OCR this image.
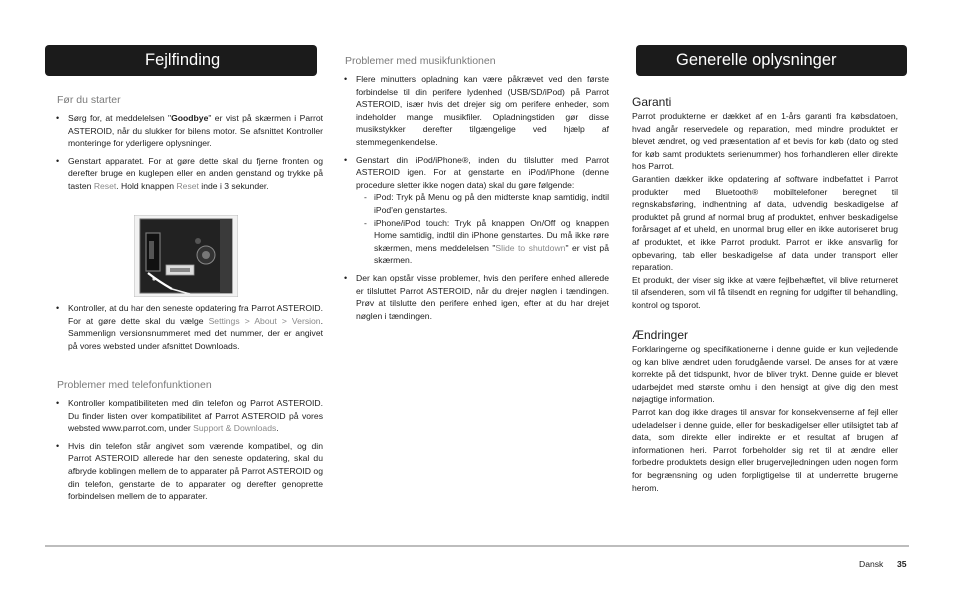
Fejlfinding	Generelle oplysninger
Før du starter
• Sørg for, at meddelelsen "Goodbye" er vist på skærmen i Parrot ASTEROID, når du slukker for bilens motor. Se afsnittet Kontroller monteringe for yderligere oplysninger.
• Genstart apparatet. For at gøre dette skal du fjerne fronten og derefter bruge en kuglepen eller en anden genstand og trykke på tasten Reset. Hold knappen Reset inde i 3 sekunder.
• Kontroller, at du har den seneste opdatering fra Parrot ASTEROID. For at gøre dette skal du vælge Settings > About > Version. Sammenlign versionsnummeret med det nummer, der er angivet på vores websted under afsnittet Downloads.
Problemer med telefonfunktionen
• Kontroller kompatibiliteten med din telefon og Parrot ASTEROID. Du finder listen over kompatibilitet af Parrot ASTEROID på vores websted www.parrot.com, under Support & Downloads.
• Hvis din telefon står angivet som værende kompatibel, og din Parrot ASTEROID allerede har den seneste opdatering, skal du afbryde koblingen mellem de to apparater på Parrot ASTEROID og din telefon, genstarte de to apparater og derefter genoprette forbindelsen mellem de to apparater.
Problemer med musikfunktionen
• Flere minutters opladning kan være påkrævet ved den første forbindelse til din perifere lydenhed (USB/SD/iPod) på Parrot ASTEROID, især hvis det drejer sig om perifere enheder, som indeholder mange musikfiler. Opladningstiden gør disse musikstykker derefter tilgængelige ved hjælp af stemmegenkendelse.
• Genstart din iPod/iPhone®, inden du tilslutter med Parrot ASTEROID igen. For at genstarte en iPod/iPhone (denne procedure sletter ikke nogen data) skal du gøre følgende:
- iPod: Tryk på Menu og på den midterste knap samtidig, indtil iPod'en genstartes.
- iPhone/iPod touch: Tryk på knappen On/Off og knappen Home samtidig, indtil din iPhone genstartes. Du må ikke røre skærmen, mens meddelelsen "Slide to shutdown" er vist på skærmen.
• Der kan opstår visse problemer, hvis den perifere enhed allerede er tilsluttet Parrot ASTEROID, når du drejer nøglen i tændingen. Prøv at tilslutte den perifere enhed igen, efter at du har drejet nøglen i tændingen.
Garanti

Parrot produkterne er dækket af en 1-års garanti fra købsdatoen, hvad angår reservedele og reparation, med mindre produktet er blevet ændret, og ved præsentation af et bevis for køb (dato og sted for køb samt produktets serienummer) hos forhandleren eller direkte hos Parrot.

Garantien dækker ikke opdatering af software indbefattet i Parrot produkter med Bluetooth® mobiltelefoner beregnet til regnskabsføring, indhentning af data, udvendig beskadigelse af produktet på grund af normal brug af produktet, enhver beskadigelse forårsaget af et uheld, en unormal brug eller en ikke autoriseret brug af produktet, et ikke Parrot produkt. Parrot er ikke ansvarlig for opbevaring, tab eller beskadigelse af data under transport eller reparation.

Et produkt, der viser sig ikke at være fejlbehæftet, vil blive returneret til afsenderen, som vil få tilsendt en regning for udgifter til behandling, kontrol og tsporot.

Ændringer

Forklaringerne og specifikationerne i denne guide er kun vejledende og kan blive ændret uden forudgående varsel. De anses for at være korrekte på det tidspunkt, hvor de bliver trykt. Denne guide er blevet udarbejdet med største omhu i den hensigt at give dig den mest nøjagtige information.

Parrot kan dog ikke drages til ansvar for konsekvenserne af fejl eller udeladelser i denne guide, eller for beskadigelser eller utilsigtet tab af data, som direkte eller indirekte er et resultat af brugen af informationen heri. Parrot forbeholder sig ret til at ændre eller forbedre produktets design eller brugervejledningen uden nogen form for begrænsning og uden forpligtigelse til at underrette brugerne herom.

Dansk 35
